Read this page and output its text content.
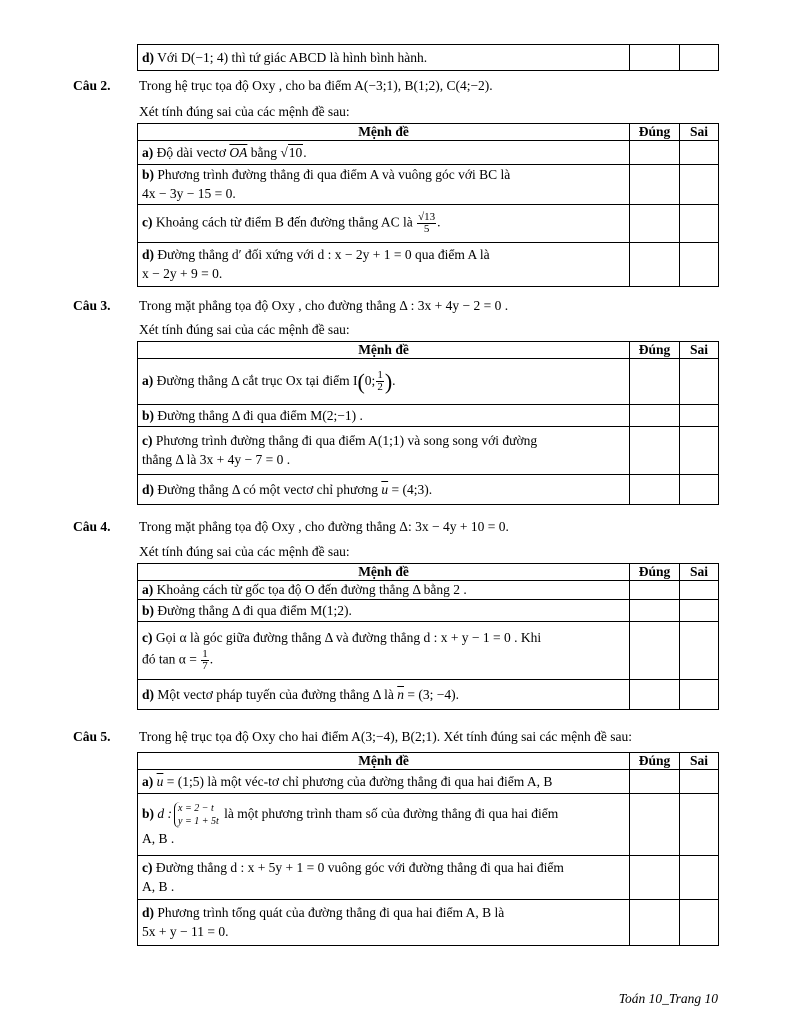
d) Với D(−1; 4) thì tứ giác ABCD là hình bình hành.		
Câu 2. Trong hệ trục tọa độ Oxy , cho ba điểm A(−3;1), B(1;2), C(4;−2).
Xét tính đúng sai của các mệnh đề sau:
Mệnh đề	Đúng	Sai
a) Độ dài vectơ $\overline{OA}$ bằng √10.		
b) Phương trình đường thẳng đi qua điểm A và vuông góc với BC là
4x − 3y − 15 = 0.		

c) Khoảng cách từ điểm B đến đường thẳng AC là $\frac{√13}{5}$ .		
d) Đường thẳng d′ đối xứng với d : x − 2y + 1 = 0 qua điểm A là
x − 2y + 9 = 0.		

Câu 3. Trong mặt phẳng tọa độ Oxy , cho đường thẳng Δ : 3x + 4y − 2 = 0 .
Xét tính đúng sai của các mệnh đề sau:
Mệnh đề	Đúng	Sai
a) Đường thẳng Δ cắt trục Ox tại điểm I(0; $\frac{1}{2}$ ).		
b) Đường thẳng Δ đi qua điểm M(2;−1) .		
c) Phương trình đường thẳng đi qua điểm A(1;1) và song song với đường
thẳng Δ là 3x + 4y − 7 = 0 .		

d) Đường thẳng Δ có một vectơ chỉ phương $\overline{u}$ = (4;3).		
Câu 4. Trong mặt phẳng tọa độ Oxy , cho đường thẳng Δ: 3x − 4y + 10 = 0.
Xét tính đúng sai của các mệnh đề sau:
Mệnh đề	Đúng	Sai
a) Khoảng cách từ gốc tọa độ O đến đường thẳng Δ bằng 2 .		
b) Đường thẳng Δ đi qua điểm M(1;2).		
c) Gọi α là góc giữa đường thẳng Δ và đường thẳng d : x + y − 1 = 0 . Khi
đó $\tan \alpha = \frac{1}{7}$ .		

d) Một vectơ pháp tuyến của đường thẳng Δ là $\overline{n} = (3$; −4).		
Câu 5. Trong hệ trục tọa độ Oxy cho hai điểm A(3;−4), B(2;1). Xét tính đúng sai các mệnh đề sau:
Mệnh đề	Đúng	Sai
a) $\overline{u}$ = (1;5) là một véc-tơ chỉ phương của đường thẳng đi qua hai điểm A, B		
b) d : x = 2 − t
y = 1 + 5t là một phương trình tham số của đường thẳng đi qua hai điểm
A, B .		

c) Đường thẳng d : x + 5y + 1 = 0 vuông góc với đường thẳng đi qua hai điểm
A, B .		

d) Phương trình tổng quát của đường thẳng đi qua hai điểm A, B là
5x + y − 11 = 0.		

Toán 10_Trang 10
